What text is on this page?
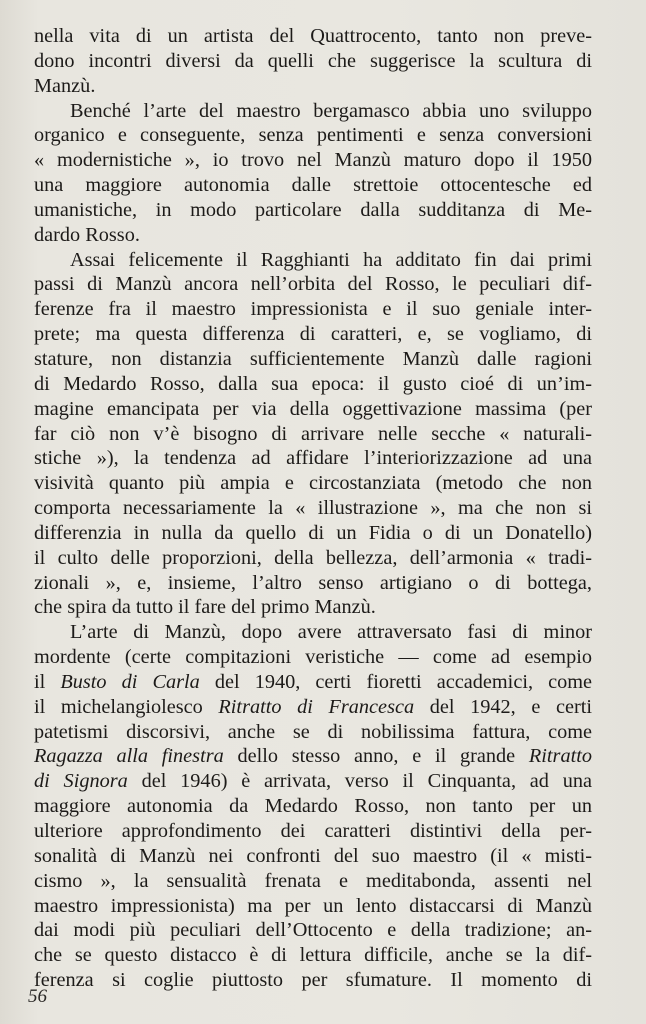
nella vita di un artista del Quattrocento, tanto non preve-
dono incontri diversi da quelli che suggerisce la scultura di
Manzù.
Benché l’arte del maestro bergamasco abbia uno sviluppo
organico e conseguente, senza pentimenti e senza conversioni
« modernistiche », io trovo nel Manzù maturo dopo il 1950
una maggiore autonomia dalle strettoie ottocentesche ed
umanistiche, in modo particolare dalla sudditanza di Me-
dardo Rosso.
Assai felicemente il Ragghianti ha additato fin dai primi
passi di Manzù ancora nell’orbita del Rosso, le peculiari dif-
ferenze fra il maestro impressionista e il suo geniale inter-
prete; ma questa differenza di caratteri, e, se vogliamo, di
stature, non distanzia sufficientemente Manzù dalle ragioni
di Medardo Rosso, dalla sua epoca: il gusto cioé di un’im-
magine emancipata per via della oggettivazione massima (per
far ciò non v’è bisogno di arrivare nelle secche « naturali-
stiche »), la tendenza ad affidare l’interiorizzazione ad una
visività quanto più ampia e circostanziata (metodo che non
comporta necessariamente la « illustrazione », ma che non si
differenzia in nulla da quello di un Fidia o di un Donatello)
il culto delle proporzioni, della bellezza, dell’armonia « tradi-
zionali », e, insieme, l’altro senso artigiano o di bottega,
che spira da tutto il fare del primo Manzù.
L’arte di Manzù, dopo avere attraversato fasi di minor
mordente (certe compitazioni veristiche — come ad esempio
il Busto di Carla del 1940, certi fioretti accademici, come
il michelangiolesco Ritratto di Francesca del 1942, e certi
patetismi discorsivi, anche se di nobilissima fattura, come
Ragazza alla finestra dello stesso anno, e il grande Ritratto
di Signora del 1946) è arrivata, verso il Cinquanta, ad una
maggiore autonomia da Medardo Rosso, non tanto per un
ulteriore approfondimento dei caratteri distintivi della per-
sonalità di Manzù nei confronti del suo maestro (il « misti-
cismo », la sensualità frenata e meditabonda, assenti nel
maestro impressionista) ma per un lento distaccarsi di Manzù
dai modi più peculiari dell’Ottocento e della tradizione; an-
che se questo distacco è di lettura difficile, anche se la dif-
ferenza si coglie piuttosto per sfumature. Il momento di
56
